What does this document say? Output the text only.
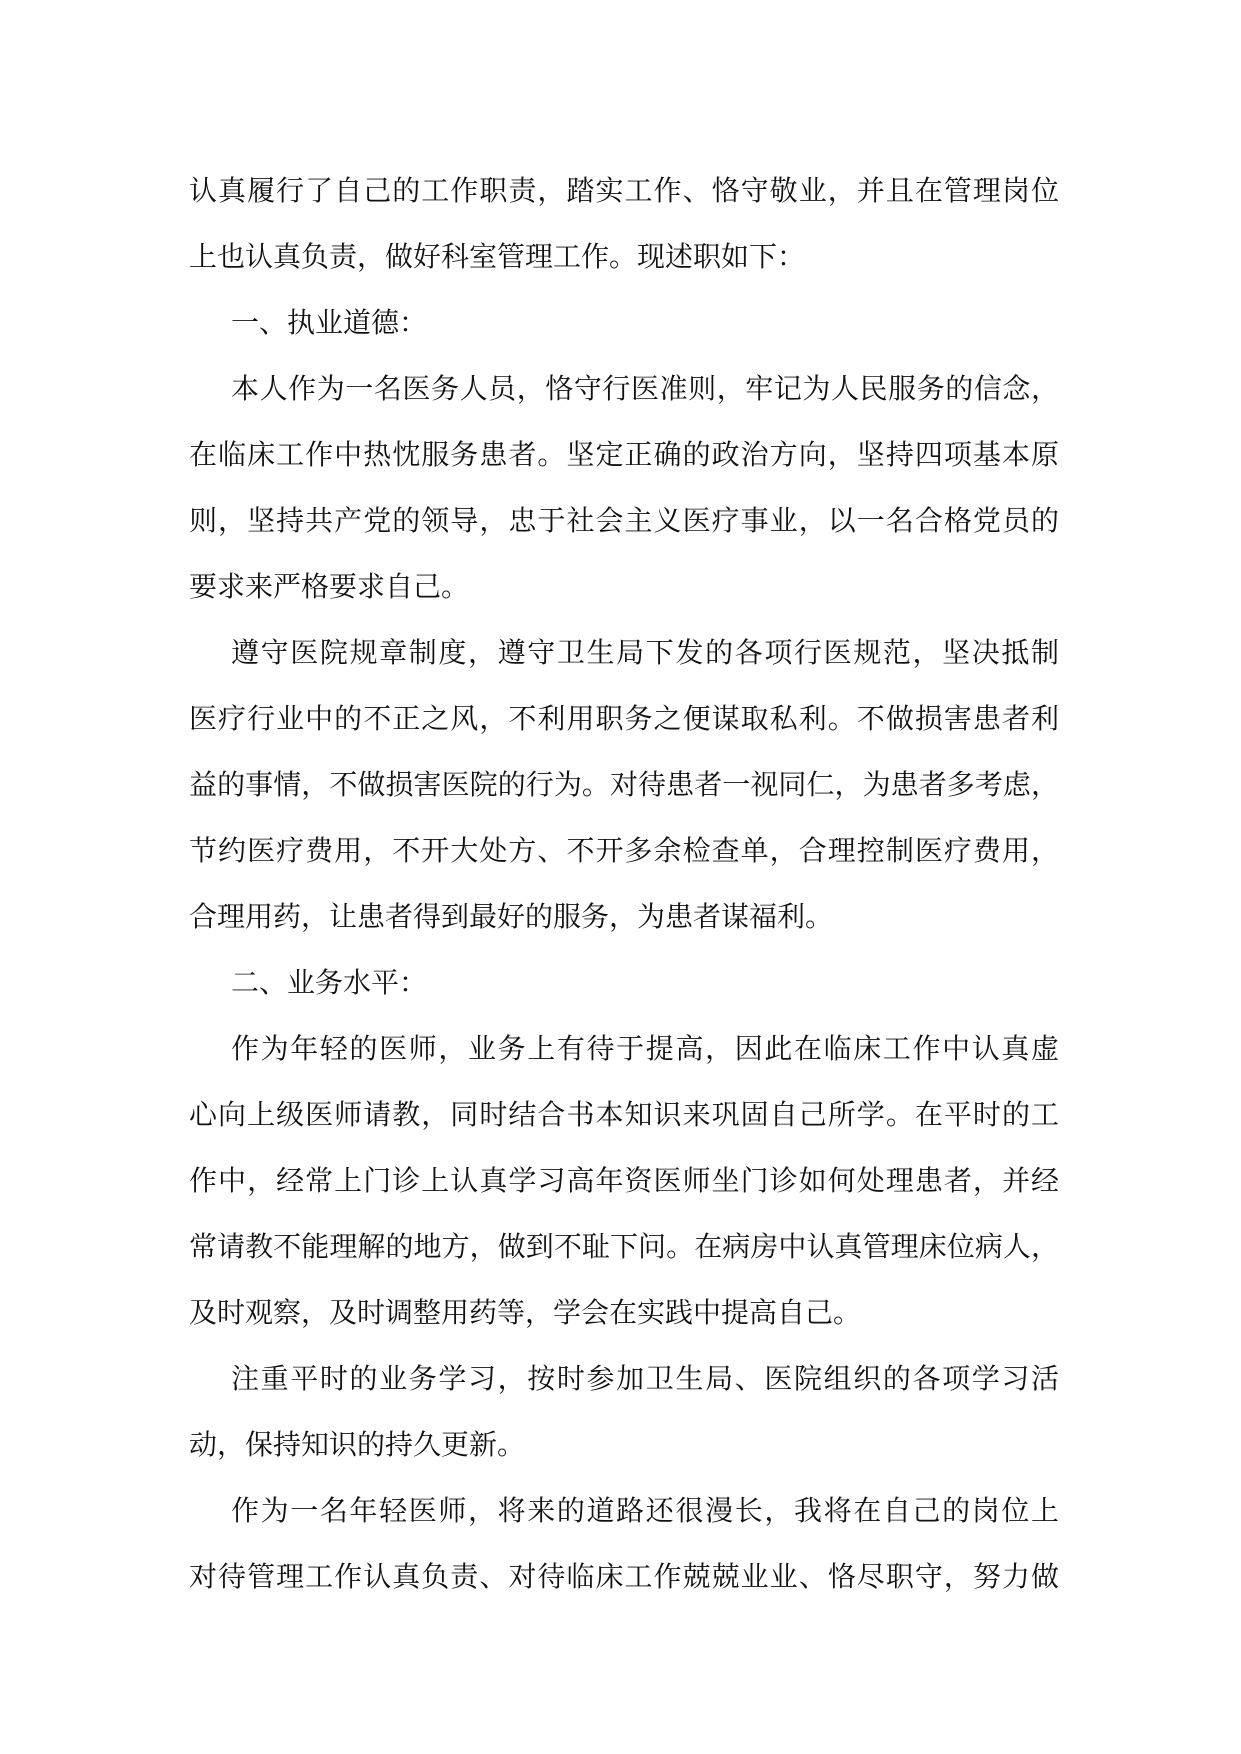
认真履行了自己的工作职责，踏实工作、恪守敬业，并且在管理岗位
上也认真负责，做好科室管理工作。现述职如下：
一、执业道德：
本人作为一名医务人员，恪守行医准则，牢记为人民服务的信念，
在临床工作中热忱服务患者。坚定正确的政治方向，坚持四项基本原
则，坚持共产党的领导，忠于社会主义医疗事业，以一名合格党员的
要求来严格要求自己。
遵守医院规章制度，遵守卫生局下发的各项行医规范，坚决抵制
医疗行业中的不正之风，不利用职务之便谋取私利。不做损害患者利
益的事情，不做损害医院的行为。对待患者一视同仁，为患者多考虑，
节约医疗费用，不开大处方、不开多余检查单，合理控制医疗费用，
合理用药，让患者得到最好的服务，为患者谋福利。
二、业务水平：
作为年轻的医师，业务上有待于提高，因此在临床工作中认真虚
心向上级医师请教，同时结合书本知识来巩固自己所学。在平时的工
作中，经常上门诊上认真学习高年资医师坐门诊如何处理患者，并经
常请教不能理解的地方，做到不耻下问。在病房中认真管理床位病人，
及时观察，及时调整用药等，学会在实践中提高自己。
注重平时的业务学习，按时参加卫生局、医院组织的各项学习活
动，保持知识的持久更新。
作为一名年轻医师，将来的道路还很漫长，我将在自己的岗位上
对待管理工作认真负责、对待临床工作兢兢业业、恪尽职守，努力做
